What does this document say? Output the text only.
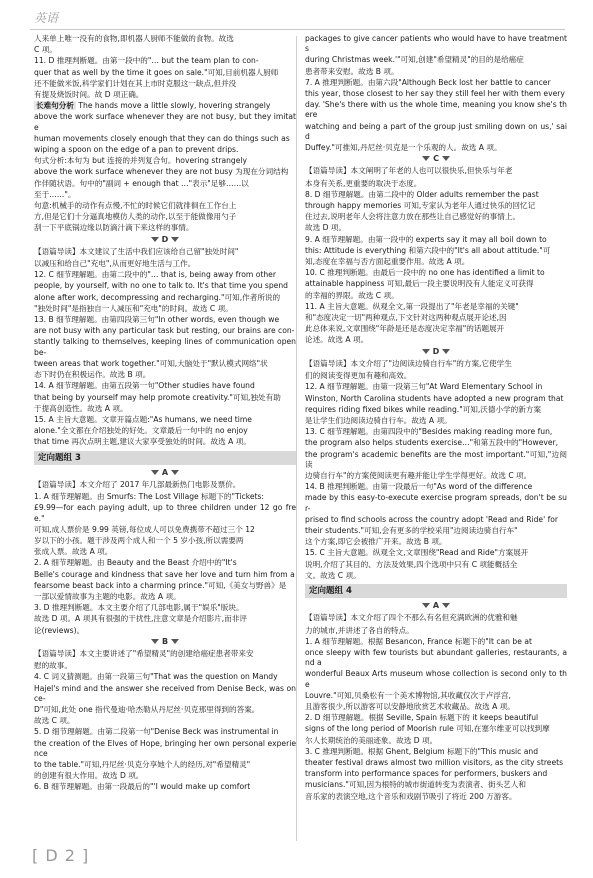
英语
人来单上唯一没有的食物,即机器人厨师不能做的食物。故选
C 项。
11. D 推理判断题。由第一段中的"… but the team plan to con-
quer that as well by the time it goes on sale."可知,目前机器人厨师
还不能做米饭,科学家们计划在其上市时克服这一缺点,但并没
有提及烧饭时间。故 D 项正确。
长难句分析 The hands move a little slowly, hovering strangely
above the work surface whenever they are not busy, but they imitate
human movements closely enough that they can do things such as
wiping a spoon on the edge of a pan to prevent drips.
句式分析:本句为 but 连接的并列复合句。hovering strangely
above the work surface whenever they are not busy 为现在分词结构
作伴随状语。句中的"副词 + enough that …"表示"足够……以
至于……"。
句意:机械手的动作有点慢,不忙的时候它们就徘徊在工作台上
方,但是它们十分逼真地模仿人类的动作,以至于能做像用勺子
刮一下平底锅边缘以防滴汁滴下来这样的事情。
D
【语篇导读】本文建议了生活中我们应该给自己留"独处时间"
以减压和给自己"充电",从而更好地生活与工作。
12. C 细节理解题。由第二段中的"… that is, being away from other
people, by yourself, with no one to talk to. It's that time you spend
alone after work, decompressing and recharging."可知,作者所说的
"独处时间"是指独自一人减压和"充电"的时间。故选 C 项。
13. B 细节理解题。由第四段第三句"In other words, even though we
are not busy with any particular task but resting, our brains are con-
stantly talking to themselves, keeping lines of communication open be-
tween areas that work together."可知,大脑处于"默认模式网络"状
态下时仍在积极运作。故选 B 项。
14. A 细节理解题。由第五段第一句"Other studies have found
that being by yourself may help promote creativity."可知,独处有助
于提高创造性。故选 A 项。
15. A 主旨大意题。文章开篇点题:"As humans, we need time
alone."全文都在介绍独处的好处。文章最后一句中的 no enjoy
that time 再次点明主题,建议大家享受独处的时间。故选 A 项。
定向题组 3
A
【语篇导读】本文介绍了 2017 年几部最新热门电影及票价。
1. A 细节理解题。由 Smurfs: The Lost Village 标题下的"Tickets:
£9.99—for each paying adult, up to three children under 12 go free."
可知,成人票价是 9.99 英镑,每位成人可以免费携带不超过三个 12
岁以下的小孩。题干涉及两个成人和一个 5 岁小孩,所以需要两
张成人票。故选 A 项。
2. A 细节理解题。由 Beauty and the Beast 介绍中的"It's
Belle's courage and kindness that save her love and turn him from a
fearsome beast back into a charming prince."可知,《美女与野兽》是
一部以爱情故事为主题的电影。故选 A 项。
3. D 推理判断题。本文主要介绍了几部电影,属于"娱乐"版块。
故选 D 项。A 项具有很强的干扰性,注意文章是介绍影片,而非评
论(reviews)。
B
【语篇导读】本文主要讲述了"希望精灵"的创建给癌症患者带来安
慰的故事。
4. C 词义猜测题。由第一段第三句"That was the question on Mandy
Hajel's mind and the answer she received from Denise Beck, was once-
D"可知,此处 one 指代曼迪·哈杰勒从丹尼丝·贝克那里得到的答案。
故选 C 项。
5. D 细节理解题。由第二段第一句"Denise Beck was instrumental in
the creation of the Elves of Hope, bringing her own personal experience
to the table."可知,丹尼丝·贝克分享她个人的经历,对"希望精灵"
的创建有很大作用。故选 D 项。
6. B 细节理解题。由第一段最后的"'I would make up comfort
packages to give cancer patients who would have to have treatments
during Christmas week.'"可知,创建"希望精灵"的目的是给癌症
患者带来安慰。故选 B 项。
7. A 推理判断题。由第六段"Although Beck lost her battle to cancer
this year, those closest to her say they still feel her with them every
day. 'She's there with us the whole time, meaning you know she's there
watching and being a part of the group just smiling down on us,' said
Duffey."可推知,丹尼丝·贝克是一个乐观的人。故选 A 项。
C
【语篇导读】本文阐明了年老的人也可以很快乐,但快乐与年老
本身有关系,更重要的取决于态度。
8. D 细节理解题。由第二段中的 Older adults remember the past
through happy memories 可知,专家认为老年人通过快乐的回忆记
住过去,说明老年人会将注意力放在那些让自己感觉好的事情上。
故选 D 项。
9. A 细节理解题。由第一段中的 experts say it may all boil down to
this: Attitude is everything 和第六段中的"It's all about attitude."可
知,态度在幸福与否方面起重要作用。故选 A 项。
10. C 推理判断题。由最后一段中的 no one has identified a limit to
attainable happiness 可知,最后一段主要说明没有人能定义可获得
的幸福的界限。故选 C 项。
11. A 主旨大意题。纵观全文,第一段提出了"年老是幸福的关键"
和"态度决定一切"两种观点,下文针对这两种观点展开论述,因
此总体来说,文章围绕"年龄是还是态度决定幸福"的话题展开
论述。故选 A 项。
D
【语篇导读】本文介绍了"边阅读边骑自行车"的方案,它使学生
们的阅读变得更加有趣和高效。
12. A 细节理解题。由第一段第三句"At Ward Elementary School in
Winston, North Carolina students have adopted a new program that
requires riding fixed bikes while reading."可知,沃德小学的新方案
是让学生们边阅读边骑自行车。故选 A 项。
13. C 细节理解题。由第四段中的"Besides making reading more fun,
the program also helps students exercise…"和第五段中的"However,
the program's academic benefits are the most important."可知,"边阅读
边骑自行车"的方案使阅读更有趣并能让学生学得更好。故选 C 项。
14. B 推理判断题。由第一段最后一句"As word of the difference
made by this easy-to-execute exercise program spreads, don't be sur-
prised to find schools across the country adopt 'Read and Ride' for
their students."可知,会有更多的学校采用"边阅读边骑自行车"
这个方案,即它会被推广开来。故选 B 项。
15. C 主旨大意题。纵观全文,文章围绕"Read and Ride"方案展开
说明,介绍了其目的、方法及效果,四个选项中只有 C 项能概括全
文。故选 C 项。
定向题组 4
A
【语篇导读】本文介绍了四个不那么有名但充满欧洲的优雅和魅
力的城市,并讲述了各自的特点。
1. A 细节理解题。根据 Besancon, France 标题下的"It can be at
once sleepy with few tourists but abundant galleries, restaurants, and a
wonderful Beaux Arts museum whose collection is second only to the
Louvre."可知,贝桑松有一个美术博物馆,其收藏仅次于卢浮宫,
且游客很少,所以游客可以安静地欣赏艺术收藏品。故选 A 项。
2. D 细节理解题。根据 Seville, Spain 标题下的 it keeps beautiful
signs of the long period of Moorish rule 可知,在塞尔维亚可以找到摩
尔人长期统治的美丽迹象。故选 D 项。
3. C 推理判断题。根据 Ghent, Belgium 标题下的"This music and
theater festival draws almost two million visitors, as the city streets
transform into performance spaces for performers, buskers and
musicians."可知,因为根特的城市街道转变为表演者、街头艺人和
音乐家的表演空地,这个音乐和戏剧节吸引了将近 200 万游客。
[ D 2 ]
